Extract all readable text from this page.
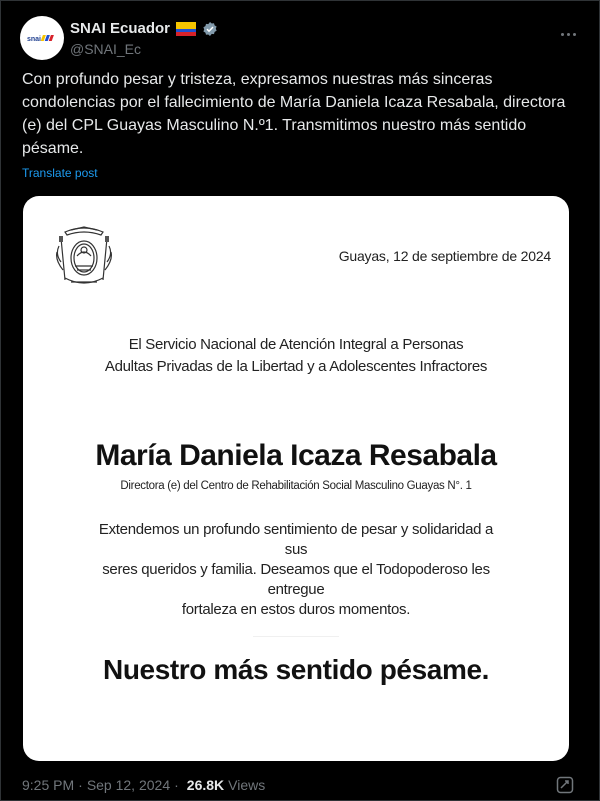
snai
SNAI Ecuador
@SNAI_Ec
Con profundo pesar y tristeza, expresamos nuestras más sinceras condolencias por el fallecimiento de María Daniela Icaza Resabala, directora (e) del CPL Guayas Masculino N.º1. Transmitimos nuestro más sentido pésame.
Translate post
Guayas, 12 de septiembre de 2024
El Servicio Nacional de Atención Integral a Personas
Adultas Privadas de la Libertad y a Adolescentes Infractores
María Daniela Icaza Resabala
Directora (e) del Centro de Rehabilitación Social Masculino Guayas N°. 1
Extendemos un profundo sentimiento de pesar y solidaridad a sus
seres queridos y familia. Deseamos que el Todopoderoso les entregue
fortaleza en estos duros momentos.
Nuestro más sentido pésame.
9:25 PM · Sep 12, 2024 · 26.8K Views
